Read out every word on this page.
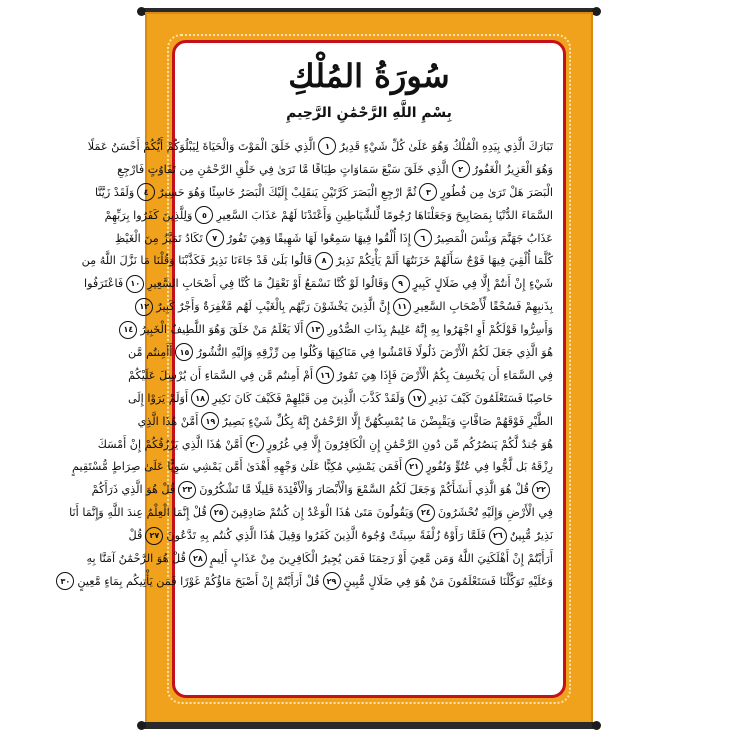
سُورَةُ المُلْكِ
بِسْمِ اللَّهِ الرَّحْمَٰنِ الرَّحِيمِ
تَبَارَكَ الَّذِي بِيَدِهِ الْمُلْكُ وَهُوَ عَلَىٰ كُلِّ شَيْءٍ قَدِيرٌ
١
الَّذِي خَلَقَ الْمَوْتَ وَالْحَيَاةَ لِيَبْلُوَكُمْ أَيُّكُمْ أَحْسَنُ عَمَلًا
وَهُوَ الْعَزِيزُ الْغَفُورُ
٢
الَّذِي خَلَقَ سَبْعَ سَمَاوَاتٍ طِبَاقًا مَّا تَرَىٰ فِي خَلْقِ الرَّحْمَٰنِ مِن تَفَاوُتٍ فَارْجِعِ
الْبَصَرَ هَلْ تَرَىٰ مِن فُطُورٍ
٣
ثُمَّ ارْجِعِ الْبَصَرَ كَرَّتَيْنِ يَنقَلِبْ إِلَيْكَ الْبَصَرُ خَاسِئًا وَهُوَ حَسِيرٌ
٤
وَلَقَدْ زَيَّنَّا
السَّمَاءَ الدُّنْيَا بِمَصَابِيحَ وَجَعَلْنَاهَا رُجُومًا لِّلشَّيَاطِينِ وَأَعْتَدْنَا لَهُمْ عَذَابَ السَّعِيرِ
٥
وَلِلَّذِينَ كَفَرُوا بِرَبِّهِمْ
عَذَابُ جَهَنَّمَ وَبِئْسَ الْمَصِيرُ
٦
إِذَا أُلْقُوا فِيهَا سَمِعُوا لَهَا شَهِيقًا وَهِيَ تَفُورُ
٧
تَكَادُ تَمَيَّزُ مِنَ الْغَيْظِ
كُلَّمَا أُلْقِيَ فِيهَا فَوْجٌ سَأَلَهُمْ خَزَنَتُهَا أَلَمْ يَأْتِكُمْ نَذِيرٌ
٨
قَالُوا بَلَىٰ قَدْ جَاءَنَا نَذِيرٌ فَكَذَّبْنَا وَقُلْنَا مَا نَزَّلَ اللَّهُ مِن
شَيْءٍ إِنْ أَنتُمْ إِلَّا فِي ضَلَالٍ كَبِيرٍ
٩
وَقَالُوا لَوْ كُنَّا نَسْمَعُ أَوْ نَعْقِلُ مَا كُنَّا فِي أَصْحَابِ السَّعِيرِ
١٠
فَاعْتَرَفُوا
بِذَنبِهِمْ فَسُحْقًا لِّأَصْحَابِ السَّعِيرِ
١١
إِنَّ الَّذِينَ يَخْشَوْنَ رَبَّهُم بِالْغَيْبِ لَهُم مَّغْفِرَةٌ وَأَجْرٌ كَبِيرٌ
١٢
وَأَسِرُّوا قَوْلَكُمْ أَوِ اجْهَرُوا بِهِ إِنَّهُ عَلِيمٌ بِذَاتِ الصُّدُورِ
١٣
أَلَا يَعْلَمُ مَنْ خَلَقَ وَهُوَ اللَّطِيفُ الْخَبِيرُ
١٤
هُوَ الَّذِي جَعَلَ لَكُمُ الْأَرْضَ ذَلُولًا فَامْشُوا فِي مَنَاكِبِهَا وَكُلُوا مِن رِّزْقِهِ وَإِلَيْهِ النُّشُورُ
١٥
أَأَمِنتُم مَّن
فِي السَّمَاءِ أَن يَخْسِفَ بِكُمُ الْأَرْضَ فَإِذَا هِيَ تَمُورُ
١٦
أَمْ أَمِنتُم مَّن فِي السَّمَاءِ أَن يُرْسِلَ عَلَيْكُمْ
حَاصِبًا فَسَتَعْلَمُونَ كَيْفَ نَذِيرِ
١٧
وَلَقَدْ كَذَّبَ الَّذِينَ مِن قَبْلِهِمْ فَكَيْفَ كَانَ نَكِيرِ
١٨
أَوَلَمْ يَرَوْا إِلَى
الطَّيْرِ فَوْقَهُمْ صَافَّاتٍ وَيَقْبِضْنَ مَا يُمْسِكُهُنَّ إِلَّا الرَّحْمَٰنُ إِنَّهُ بِكُلِّ شَيْءٍ بَصِيرٌ
١٩
أَمَّنْ هَٰذَا الَّذِي
هُوَ جُندٌ لَّكُمْ يَنصُرُكُم مِّن دُونِ الرَّحْمَٰنِ إِنِ الْكَافِرُونَ إِلَّا فِي غُرُورٍ
٢٠
أَمَّنْ هَٰذَا الَّذِي يَرْزُقُكُمْ إِنْ أَمْسَكَ
رِزْقَهُ بَل لَّجُّوا فِي عُتُوٍّ وَنُفُورٍ
٢١
أَفَمَن يَمْشِي مُكِبًّا عَلَىٰ وَجْهِهِ أَهْدَىٰ أَمَّن يَمْشِي سَوِيًّا عَلَىٰ صِرَاطٍ مُّسْتَقِيمٍ
٢٢
قُلْ هُوَ الَّذِي أَنشَأَكُمْ وَجَعَلَ لَكُمُ السَّمْعَ وَالْأَبْصَارَ وَالْأَفْئِدَةَ قَلِيلًا مَّا تَشْكُرُونَ
٢٣
قُلْ هُوَ الَّذِي ذَرَأَكُمْ
فِي الْأَرْضِ وَإِلَيْهِ تُحْشَرُونَ
٢٤
وَيَقُولُونَ مَتَىٰ هَٰذَا الْوَعْدُ إِن كُنتُمْ صَادِقِينَ
٢٥
قُلْ إِنَّمَا الْعِلْمُ عِندَ اللَّهِ وَإِنَّمَا أَنَا
نَذِيرٌ مُّبِينٌ
٢٦
فَلَمَّا رَأَوْهُ زُلْفَةً سِيئَتْ وُجُوهُ الَّذِينَ كَفَرُوا وَقِيلَ هَٰذَا الَّذِي كُنتُم بِهِ تَدَّعُونَ
٢٧
قُلْ
أَرَأَيْتُمْ إِنْ أَهْلَكَنِيَ اللَّهُ وَمَن مَّعِيَ أَوْ رَحِمَنَا فَمَن يُجِيرُ الْكَافِرِينَ مِنْ عَذَابٍ أَلِيمٍ
٢٨
قُلْ هُوَ الرَّحْمَٰنُ آمَنَّا بِهِ
وَعَلَيْهِ تَوَكَّلْنَا فَسَتَعْلَمُونَ مَنْ هُوَ فِي ضَلَالٍ مُّبِينٍ
٢٩
قُلْ أَرَأَيْتُمْ إِنْ أَصْبَحَ مَاؤُكُمْ غَوْرًا فَمَن يَأْتِيكُم بِمَاءٍ مَّعِينٍ
٣٠
